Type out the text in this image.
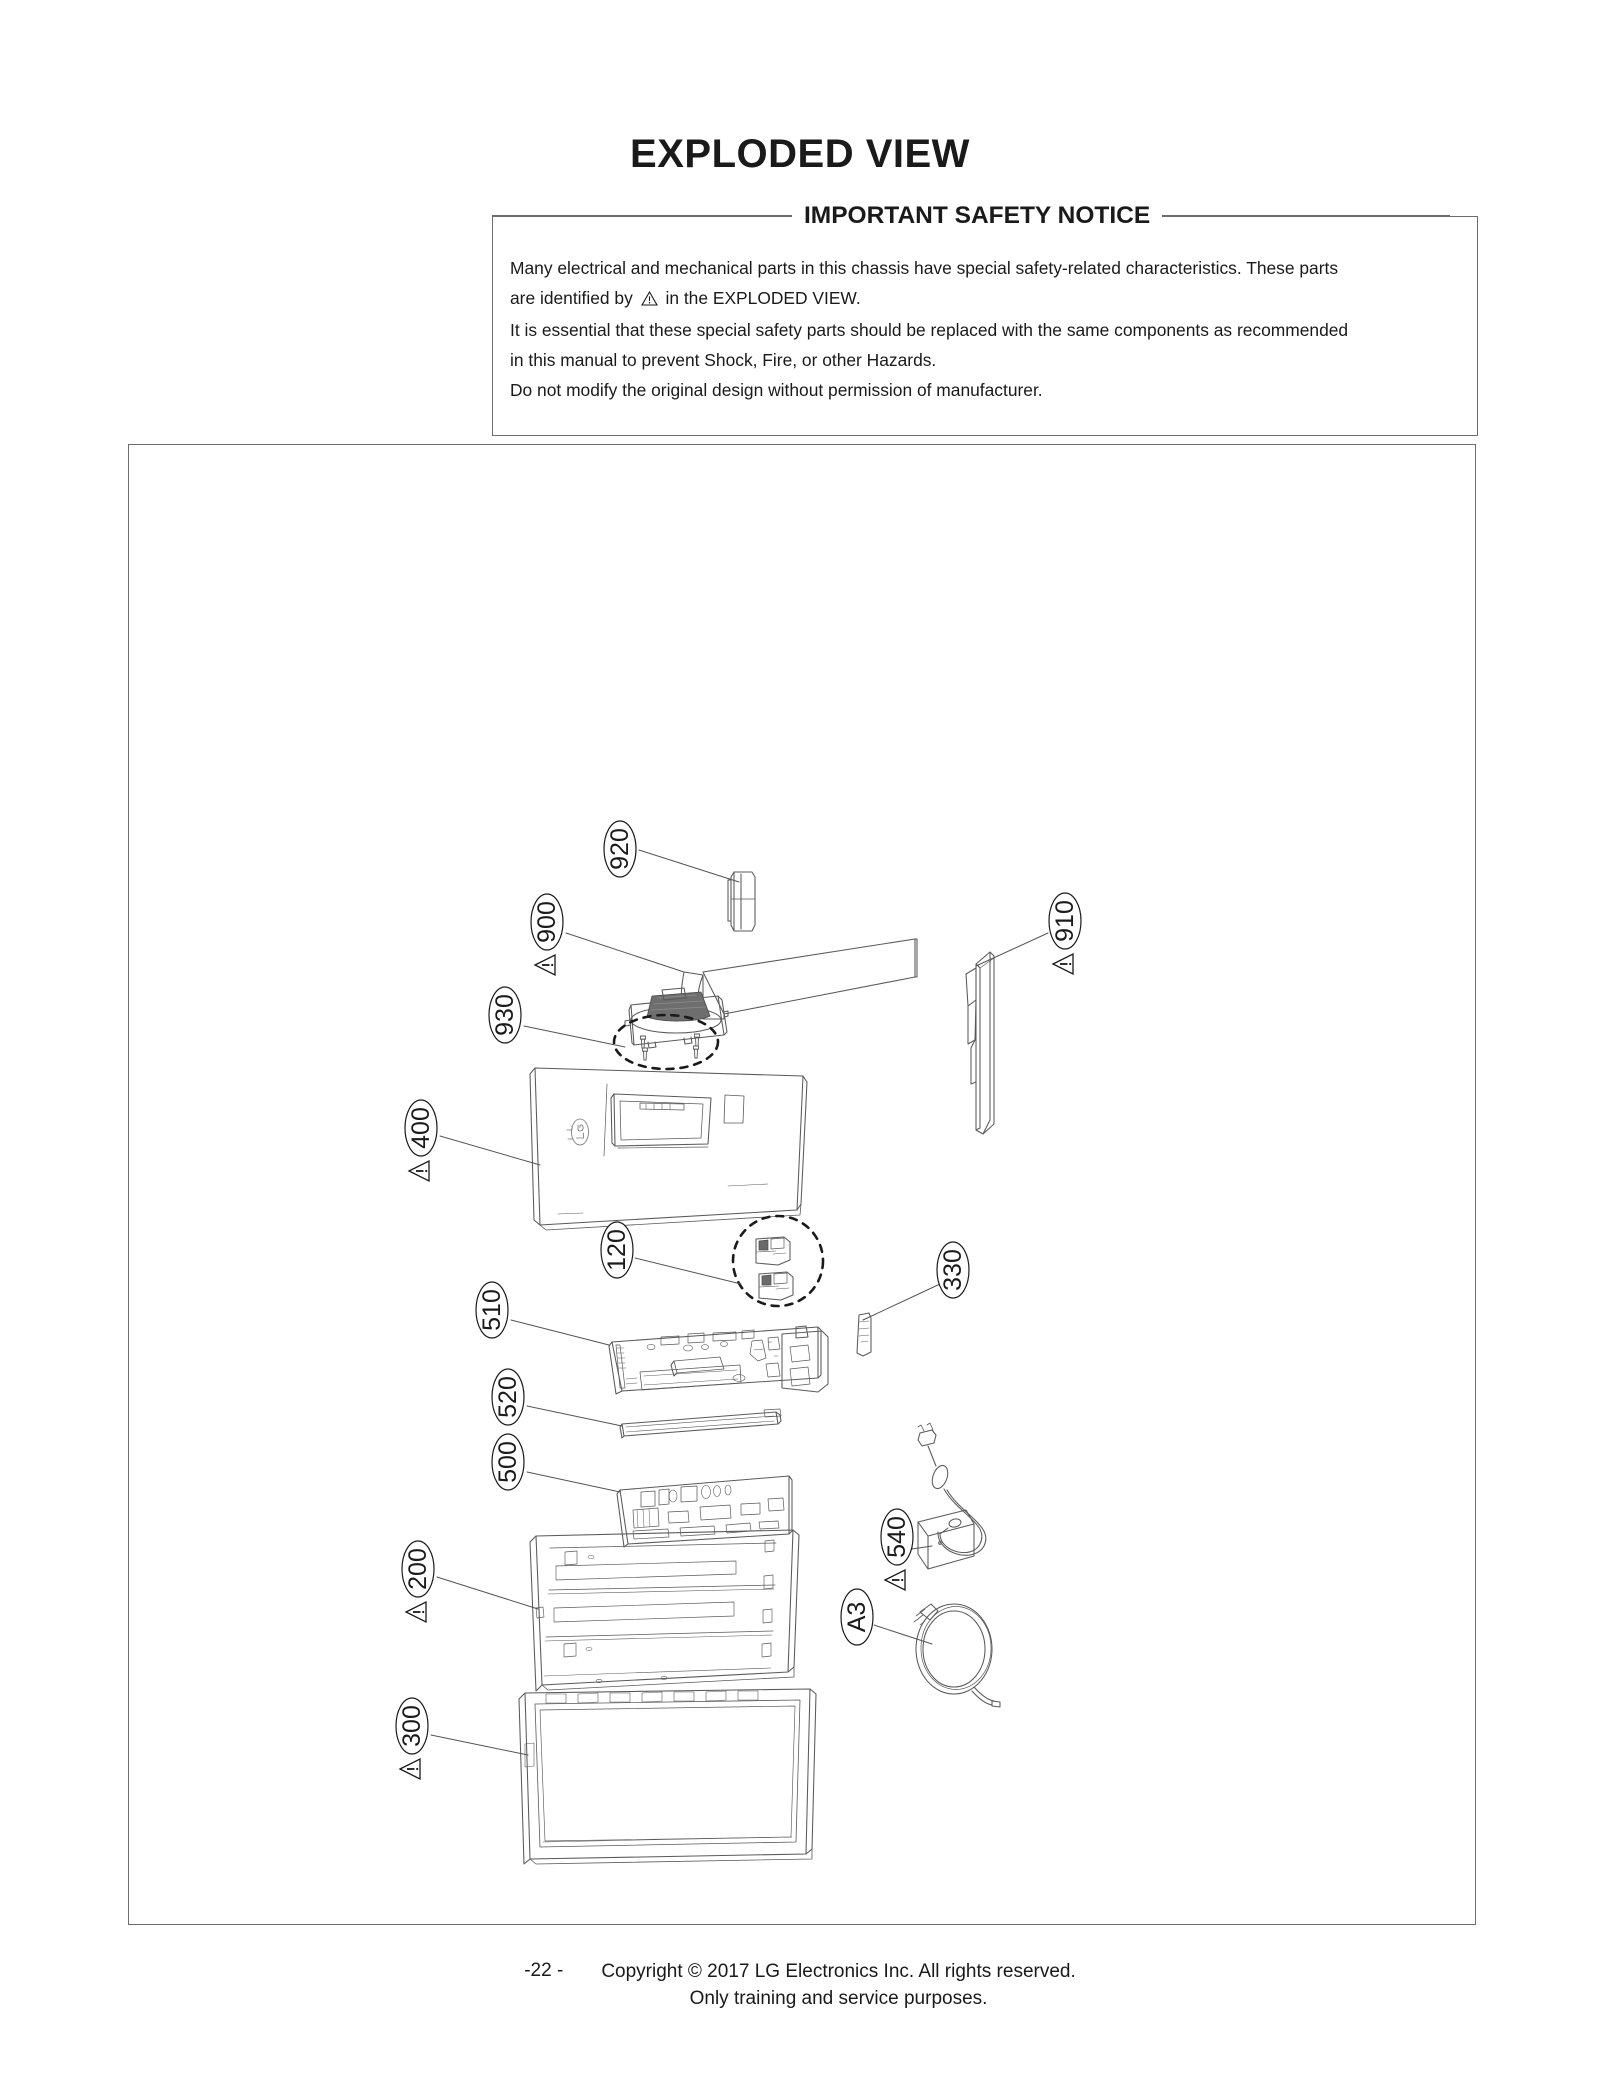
EXPLODED VIEW
IMPORTANT SAFETY NOTICE
Many electrical and mechanical parts in this chassis have special safety-related characteristics. These parts
are identified by in the EXPLODED VIEW.
It is essential that these special safety parts should be replaced with the same components as recommended
in this manual to prevent Shock, Fire, or other Hazards.
Do not modify the original design without permission of manufacturer.
920
900	910
930
400
120	330
510
520
500
200
540
A3
300
-22 - Copyright © 2017 LG Electronics Inc. All rights reserved.
Only training and service purposes.
